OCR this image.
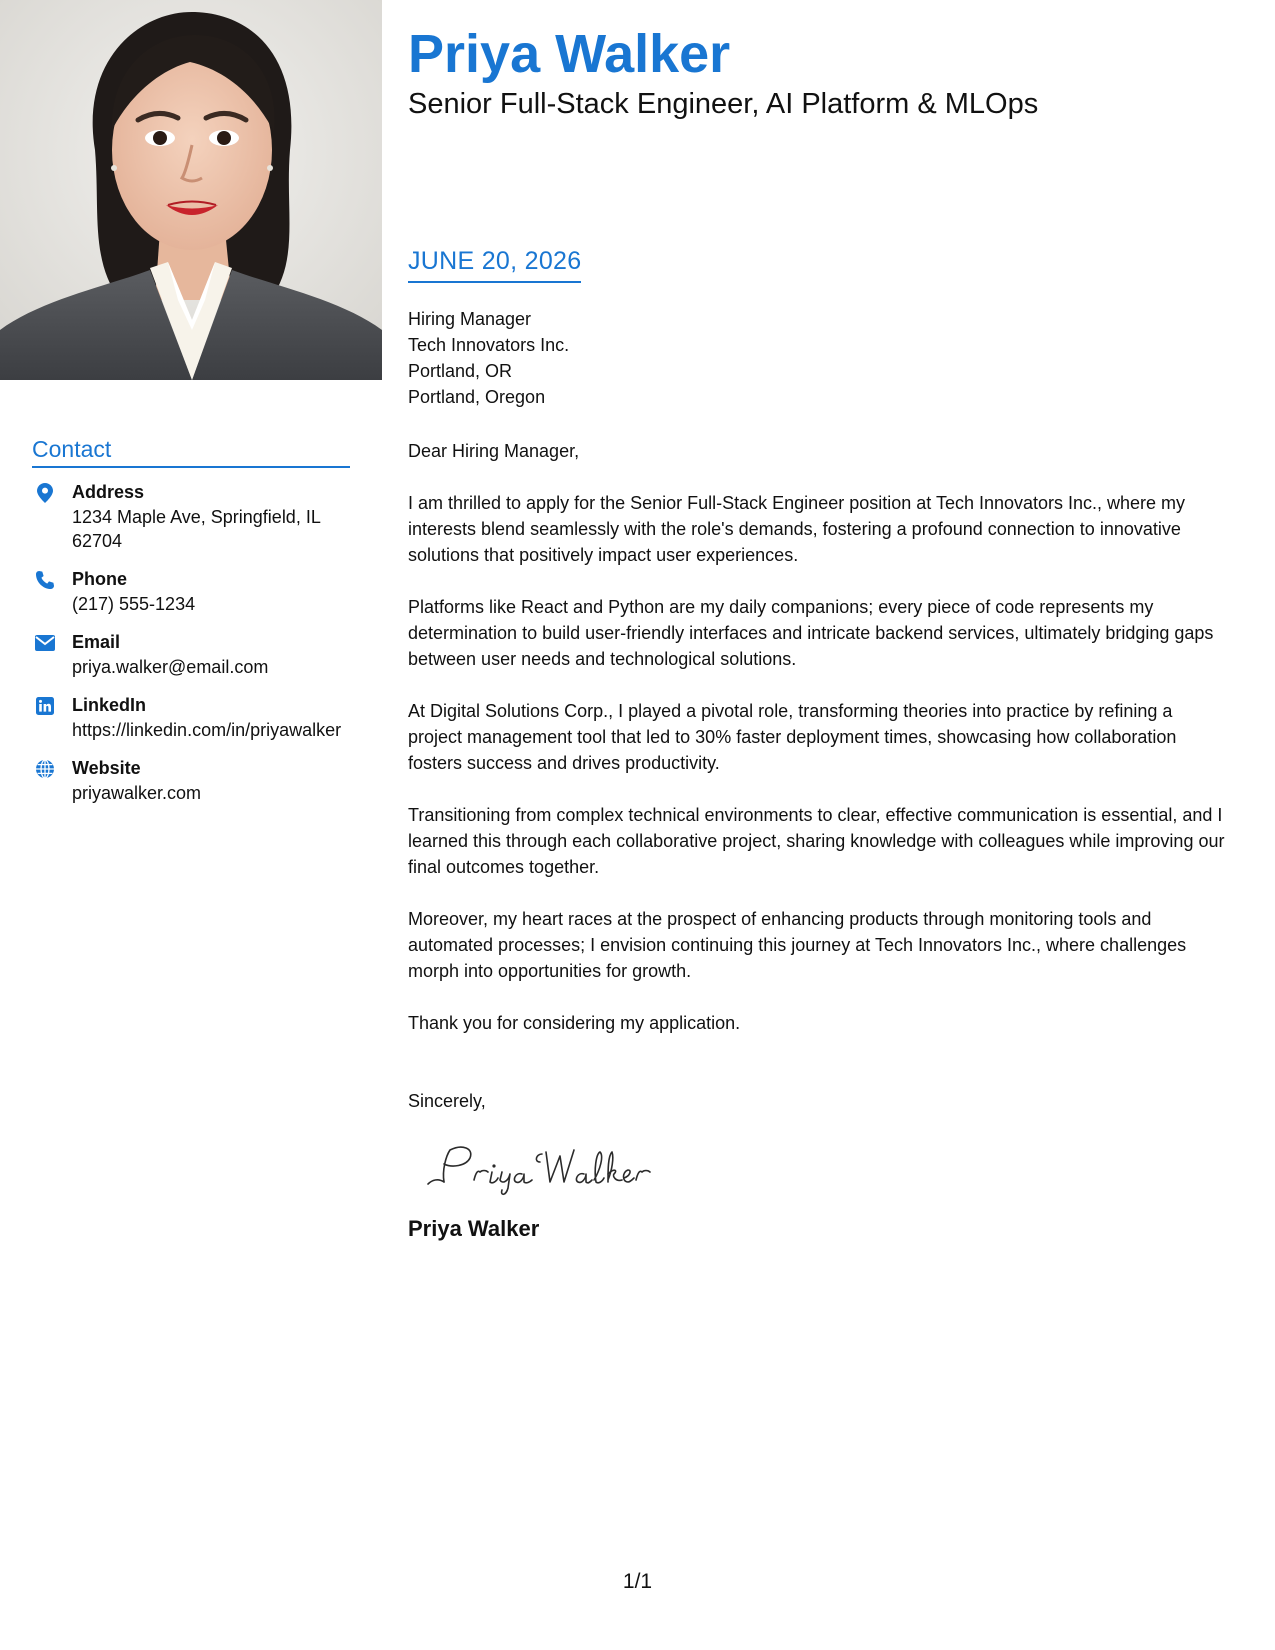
Contact
Address
1234 Maple Ave, Springfield, IL 62704
Phone
(217) 555-1234
Email
priya.walker@email.com
LinkedIn
https://linkedin.com/in/priyawalker
Website
priyawalker.com
Priya Walker
Senior Full-Stack Engineer, AI Platform & MLOps
JUNE 20, 2026
Hiring Manager
Tech Innovators Inc.
Portland, OR
Portland, Oregon
Dear Hiring Manager,
I am thrilled to apply for the Senior Full-Stack Engineer position at Tech Innovators Inc., where my interests blend seamlessly with the role's demands, fostering a profound connection to innovative solutions that positively impact user experiences.
Platforms like React and Python are my daily companions; every piece of code represents my determination to build user-friendly interfaces and intricate backend services, ultimately bridging gaps between user needs and technological solutions.
At Digital Solutions Corp., I played a pivotal role, transforming theories into practice by refining a project management tool that led to 30% faster deployment times, showcasing how collaboration fosters success and drives productivity.
Transitioning from complex technical environments to clear, effective communication is essential, and I learned this through each collaborative project, sharing knowledge with colleagues while improving our final outcomes together.
Moreover, my heart races at the prospect of enhancing products through monitoring tools and automated processes; I envision continuing this journey at Tech Innovators Inc., where challenges morph into opportunities for growth.
Thank you for considering my application.
Sincerely,
Priya Walker
1/1
